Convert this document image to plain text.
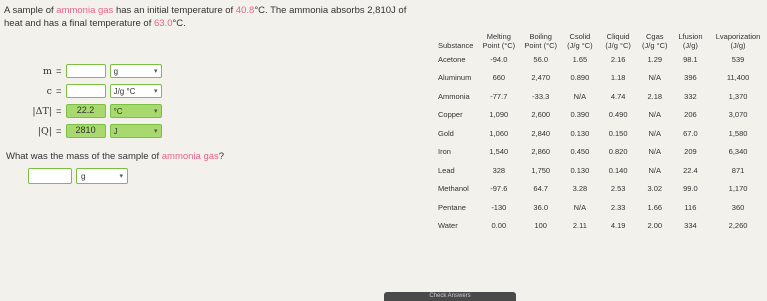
A sample of ammonia gas has an initial temperature of 40.8°C. The ammonia absorbs 2,810J of heat and has a final temperature of 63.0°C.
m =	g	▾
c =	J/g °C	▾
|ΔT| =	22.2	°C	▾
|Q| =	2810	J	▾
What was the mass of the sample of ammonia gas?
g	▾
Substance	Melting Point (°C)	Boiling Point (°C)	Csolid (J/g °C)	Cliquid (J/g °C)	Cgas (J/g °C)	Lfusion (J/g)	Lvaporization (J/g)
Acetone	-94.0	56.0	1.65	2.16	1.29	98.1	539
Aluminum	660	2,470	0.890	1.18	N/A	396	11,400
Ammonia	-77.7	-33.3	N/A	4.74	2.18	332	1,370
Copper	1,090	2,600	0.390	0.490	N/A	206	3,070
Gold	1,060	2,840	0.130	0.150	N/A	67.0	1,580
Iron	1,540	2,860	0.450	0.820	N/A	209	6,340
Lead	328	1,750	0.130	0.140	N/A	22.4	871
Methanol	-97.6	64.7	3.28	2.53	3.02	99.0	1,170
Pentane	-130	36.0	N/A	2.33	1.66	116	360
Water	0.00	100	2.11	4.19	2.00	334	2,260
Check Answers
